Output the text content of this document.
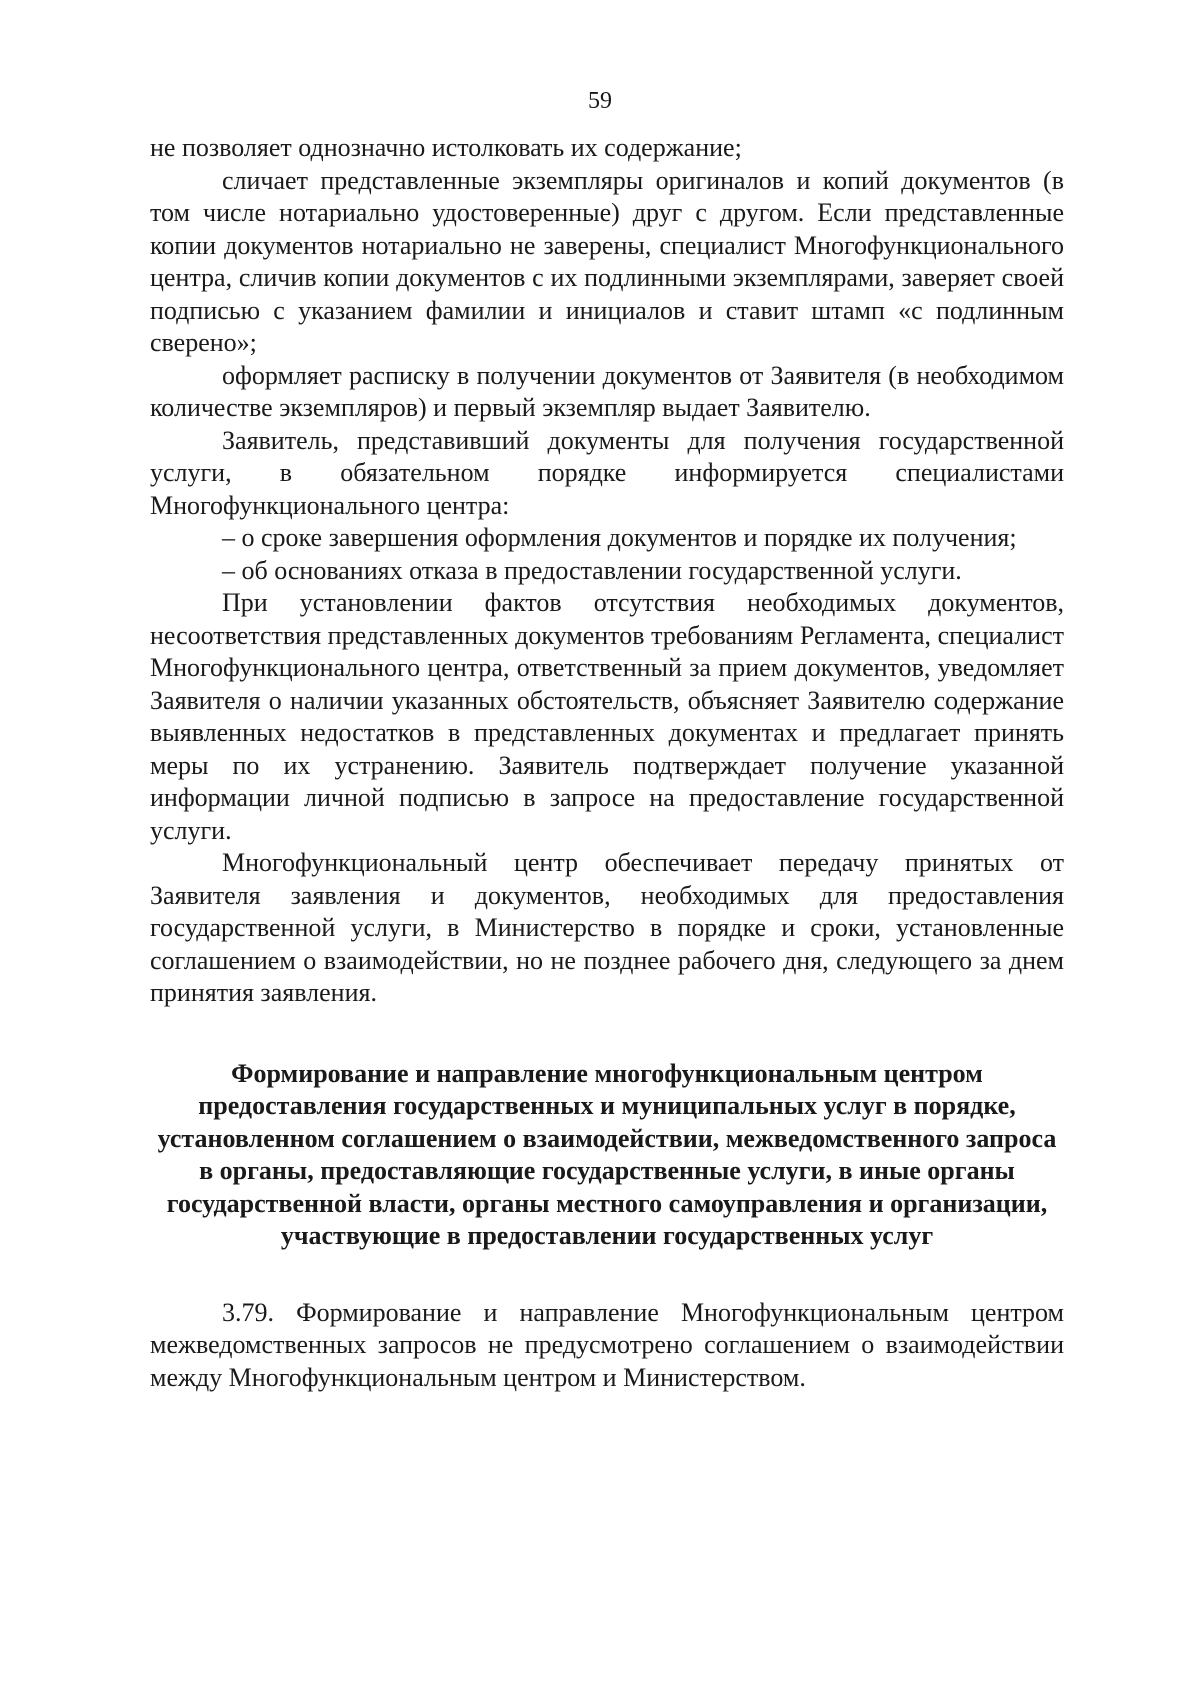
59

не позволяет однозначно истолковать их содержание;

сличает представленные экземпляры оригиналов и копий документов (в том числе нотариально удостоверенные) друг с другом. Если представленные копии документов нотариально не заверены, специалист Многофункционального центра, сличив копии документов с их подлинными экземплярами, заверяет своей подписью с указанием фамилии и инициалов и ставит штамп «с подлинным сверено»;

оформляет расписку в получении документов от Заявителя (в необходимом количестве экземпляров) и первый экземпляр выдает Заявителю.

Заявитель, представивший документы для получения государственной услуги, в обязательном порядке информируется специалистами Многофункционального центра:

– о сроке завершения оформления документов и порядке их получения;

– об основаниях отказа в предоставлении государственной услуги.

При установлении фактов отсутствия необходимых документов, несоответствия представленных документов требованиям Регламента, специалист Многофункционального центра, ответственный за прием документов, уведомляет Заявителя о наличии указанных обстоятельств, объясняет Заявителю содержание выявленных недостатков в представленных документах и предлагает принять меры по их устранению. Заявитель подтверждает получение указанной информации личной подписью в запросе на предоставление государственной услуги.

Многофункциональный центр обеспечивает передачу принятых от Заявителя заявления и документов, необходимых для предоставления государственной услуги, в Министерство в порядке и сроки, установленные соглашением о взаимодействии, но не позднее рабочего дня, следующего за днем принятия заявления.

Формирование и направление многофункциональным центром
предоставления государственных и муниципальных услуг в порядке,
установленном соглашением о взаимодействии, межведомственного запроса
в органы, предоставляющие государственные услуги, в иные органы
государственной власти, органы местного самоуправления и организации,
участвующие в предоставлении государственных услуг

3.79. Формирование и направление Многофункциональным центром межведомственных запросов не предусмотрено соглашением о взаимодействии между Многофункциональным центром и Министерством.
